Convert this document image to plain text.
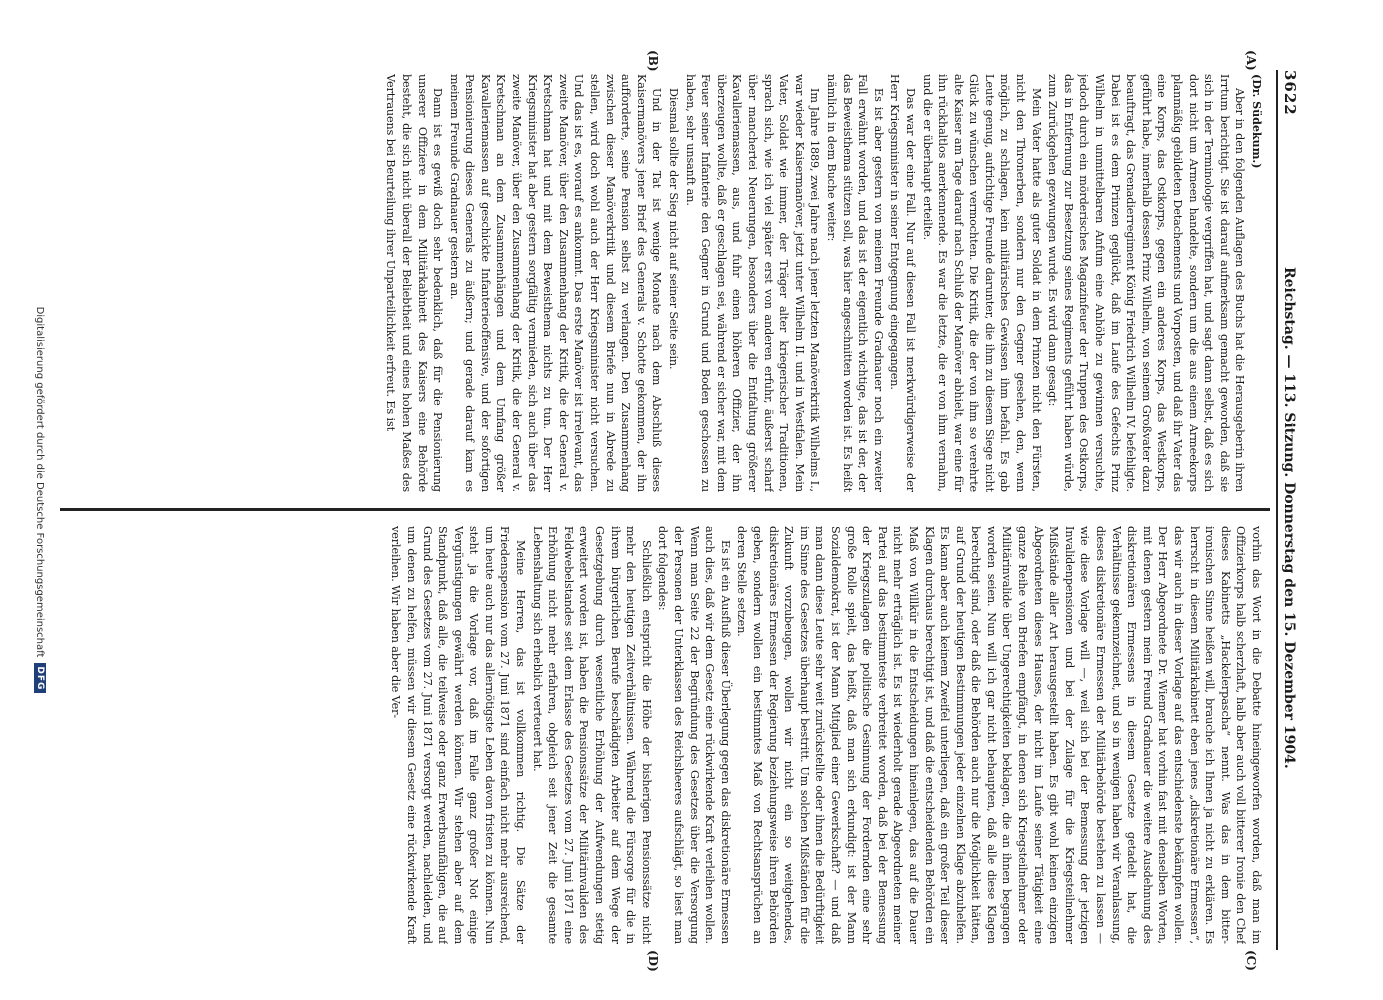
3622
Reichstag. — 113. Sitzung. Donnerstag den 15. Dezember 1904.
(A)
(B)
(C)
(D)

(Dr. Südekum.)

Aber in den folgenden Auflagen des Buchs hat die Herausgeberin ihren Irrtum berichtigt. Sie ist darauf aufmerksam gemacht geworden, daß sie sich in der Terminologie vergriffen hat, und sagt dann selbst, daß es sich dort nicht um Armeen handelte, sondern um die aus einem Armeekorps planmäßig gebildeten Detachements und Vorposten, und daß ihr Vater das eine Korps, das Ostkorps, gegen ein anderes Korps, das Westkorps, geführt habe, innerhalb dessen Prinz Wilhelm, von seinem Großvater dazu beauftragt, das Grenadierregiment König Friedrich Wilhelm IV. befehligte. Dabei ist es dem Prinzen geglückt, daß im Laufe des Gefechts Prinz Wilhelm in unmittelbaren Anfum eine Anhöhe zu gewinnen versuchte, jedoch durch ein mörderisches Magazinfeuer der Truppen des Ostkorps, das in Entfernung zur Besetzung seines Regiments geführt haben würde, zum Zurückgehen gezwungen wurde. Es wird dann gesagt:

Mein Vater hatte als guter Soldat in dem Prinzen nicht den Fürsten, nicht den Thronerben, sondern nur den Gegner gesehen, den, wenn möglich, zu schlagen, kein militärisches Gewissen ihm befahl. Es gab Leute genug, aufrichtige Freunde darunter, die ihm zu diesem Siege nicht Glück zu wünschen vermochten. Die Kritik, die der von ihm so verehrte alte Kaiser am Tage darauf nach Schluß der Manöver abhielt, war eine für ihn rückhaltlos anerkennende. Es war die letzte, die er von ihm vernahm, und die er überhaupt erteilte.

Das war der eine Fall. Nur auf diesen Fall ist merkwürdigerweise der Herr Kriegsminister in seiner Entgegnung eingegangen.

Es ist aber gestern von meinem Freunde Gradnauer noch ein zweiter Fall erwähnt worden, und das ist der eigentlich wichtige, das ist der, der das Beweisthema stützen soll, was hier angeschnitten worden ist. Es heißt nämlich in dem Buche weiter:

Im Jahre 1889, zwei Jahre nach jener letzten Manöverkritik Wilhelms I., war wieder Kaisermanöver, jetzt unter Wilhelm II. und in Westfalen. Mein Vater, Soldat wie immer, der Träger alter kriegerischer Traditionen, sprach sich, wie ich viel später erst von anderen erfuhr, äußerst scharf über manchertei Neuerungen, besonders über die Entfaltung größerer Kavalleriemassen, aus, und fuhr einen höheren Offizier, der ihn überzeugen wollte, daß er geschlagen sei, während er sicher war, mit dem Feuer seiner Infanterie den Gegner in Grund und Boden geschossen zu haben, sehr unsanft an.

Diesmal sollte der Sieg nicht auf seiner Seite sein.

Und in der Tat ist wenige Monate nach dem Abschluß dieses Kaisermanövers jener Brief des Generals v. Schotte gekommen, der ihn aufforderte, seine Pension selbst zu verlangen. Den Zusammenhang zwischen dieser Manöverkritik und diesem Briefe nun in Abrede zu stellen, wird doch wohl auch der Herr Kriegsminister nicht versuchen. Und das ist es, worauf es ankommt. Das erste Manöver ist irrelevant, das zweite Manöver, über den Zusammenhang der Kritik, die der General v. Kretschman hat und mit dem Beweisthema nichts zu tun. Der Herr Kriegsminister hat aber gestern sorgfältig vermieden, sich auch über das zweite Manöver, über den Zusammenhang der Kritik, die der General v. Kretschman an dem Zusammenhängen und dem Umfang größer Kavalleriemassen auf geschickte Infanterieoffensive, und der sofortigen Pensionierung dieses Generals zu äußern; und gerade darauf kam es meinem Freunde Gradnauer gestern an.

Dann ist es gewiß doch sehr bedenklich, daß für die Pensionierung unserer Offiziere in dem Militärkabinett des Kaisers eine Behörde besteht, die sich nicht überall der Beliebtheit und eines hohen Maßes des Vertrauens bei Beurteilung ihrer Unparteilichkeit erfreut. Es ist

vorhin das Wort in die Debatte hineingeworfen worden, daß man im Offizierkorps halb scherzhaft, halb aber auch voll bitterer Ironie den Chef dieses Kabinetts „Hackelerpascha“ nennt. Was das in dem bitter-ironischen Sinne heißen will, brauche ich Ihnen ja nicht zu erklären. Es herrscht in diesem Militärkabinett eben jenes „diskretionäre Ermessen“, das wir auch in dieser Vorlage auf das entschiedenste bekämpfen wollen. Der Herr Abgeordnete Dr. Wiemer hat vorhin fast mit denselben Worten, mit denen gestern mein Freund Gradnauer die weitere Ausdehnung des diskretionären Ermessens in diesem Gesetze getadelt hat, die Verhältnisse gekennzeichnet, und so in wenigen haben wir Veranlassung, dieses diskretionäre Ermessen der Militärbehörde bestehen zu lassen — wie diese Vorlage will —, weil sich bei der Bemessung der jetzigen Invalidenpensionen und bei der Zulage für die Kriegsteilnehmer Mißstände aller Art herausgestellt haben. Es gibt wohl keinen einzigen Abgeordneten dieses Hauses, der nicht im Laufe seiner Tätigkeit eine ganze Reihe von Briefen empfängt, in denen sich Kriegsteilnehmer oder Militärinvalide über Ungerechtigkeiten beklagen, die an ihnen begangen worden seien. Nun will ich gar nicht behaupten, daß alle diese Klagen berechtigt sind, oder daß die Behörden auch nur die Möglichkeit hätten, auf Grund der heutigen Bestimmungen jeder einzelnen Klage abzuhelfen. Es kann aber auch keinem Zweifel unterliegen, daß ein großer Teil dieser Klagen durchaus berechtigt ist, und daß die entscheidenden Behörden ein Maß von Willkür in die Entscheidungen hineinlegen, das auf die Dauer nicht mehr erträglich ist. Es ist wiederholt gerade Abgeordneten meiner Partei auf das bestimmteste verbreitet worden, daß bei der Bemessung der Kriegszulagen die politische Gesinnung der Fordernden eine sehr große Rolle spielt, das heißt, daß man sich erkundigt: ist der Mann Sozialdemokrat, ist der Mann Mitglied einer Gewerkschaft? — und daß man dann diese Leute sehr weit zurückstellte oder ihnen die Bedürftigkeit im Sinne des Gesetzes überhaupt bestritt. Um solchen Mißständen für die Zukunft vorzubeugen, wollen wir nicht ein so weitgehendes, diskretionäres Ermessen der Regierung beziehungsweise ihren Behörden geben, sondern wollen ein bestimmtes Maß von Rechtsansprüchen an deren Stelle setzen.

Es ist ein Ausfluß dieser Überlegung gegen das diskretionäre Ermessen auch dies, daß wir dem Gesetz eine rückwirkende Kraft verleihen wollen. Wenn man Seite 22 der Begründung des Gesetzes über die Versorgung der Personen der Unterklassen des Reichsheeres aufschlägt, so liest man dort folgendes:

Schließlich entspricht die Höhe der bisherigen Pensionssätze nicht mehr den heutigen Zeitverhältnissen. Während die Fürsorge für die in ihrem bürgerlichen Berufe beschädigten Arbeiter auf dem Wege der Gesetzgebung durch wesentliche Erhöhung der Aufwendungen stetig erweitert worden ist, haben die Pensionssätze der Militärinvaliden des Feldwebelstandes seit dem Erlasse des Gesetzes vom 27. Juni 1871 eine Erhöhung nicht mehr erfahren, obgleich seit jener Zeit die gesamte Lebenshaltung sich erheblich verteuert hat.

Meine Herren, das ist vollkommen richtig. Die Sätze der Friedenspension vom 27. Juni 1871 sind einfach nicht mehr ausreichend, um heute auch nur das allernötigste Leben davon fristen zu können. Nun steht ja die Vorlage vor, daß im Falle ganz großer Not einige Vergünstigungen gewährt werden können. Wir stehen aber auf dem Standpunkt, daß alle, die teilweise oder ganz Erwerbsunfähigen, die auf Grund des Gesetzes vom 27. Juni 1871 versorgt werden, nachleiden, und um denen zu helfen, müssen wir diesem Gesetz eine rückwirkende Kraft verleihen. Wir haben aber die Ver-

Digitalisierung gefördert durch die Deutsche Forschungsgemeinschaft
DFG
